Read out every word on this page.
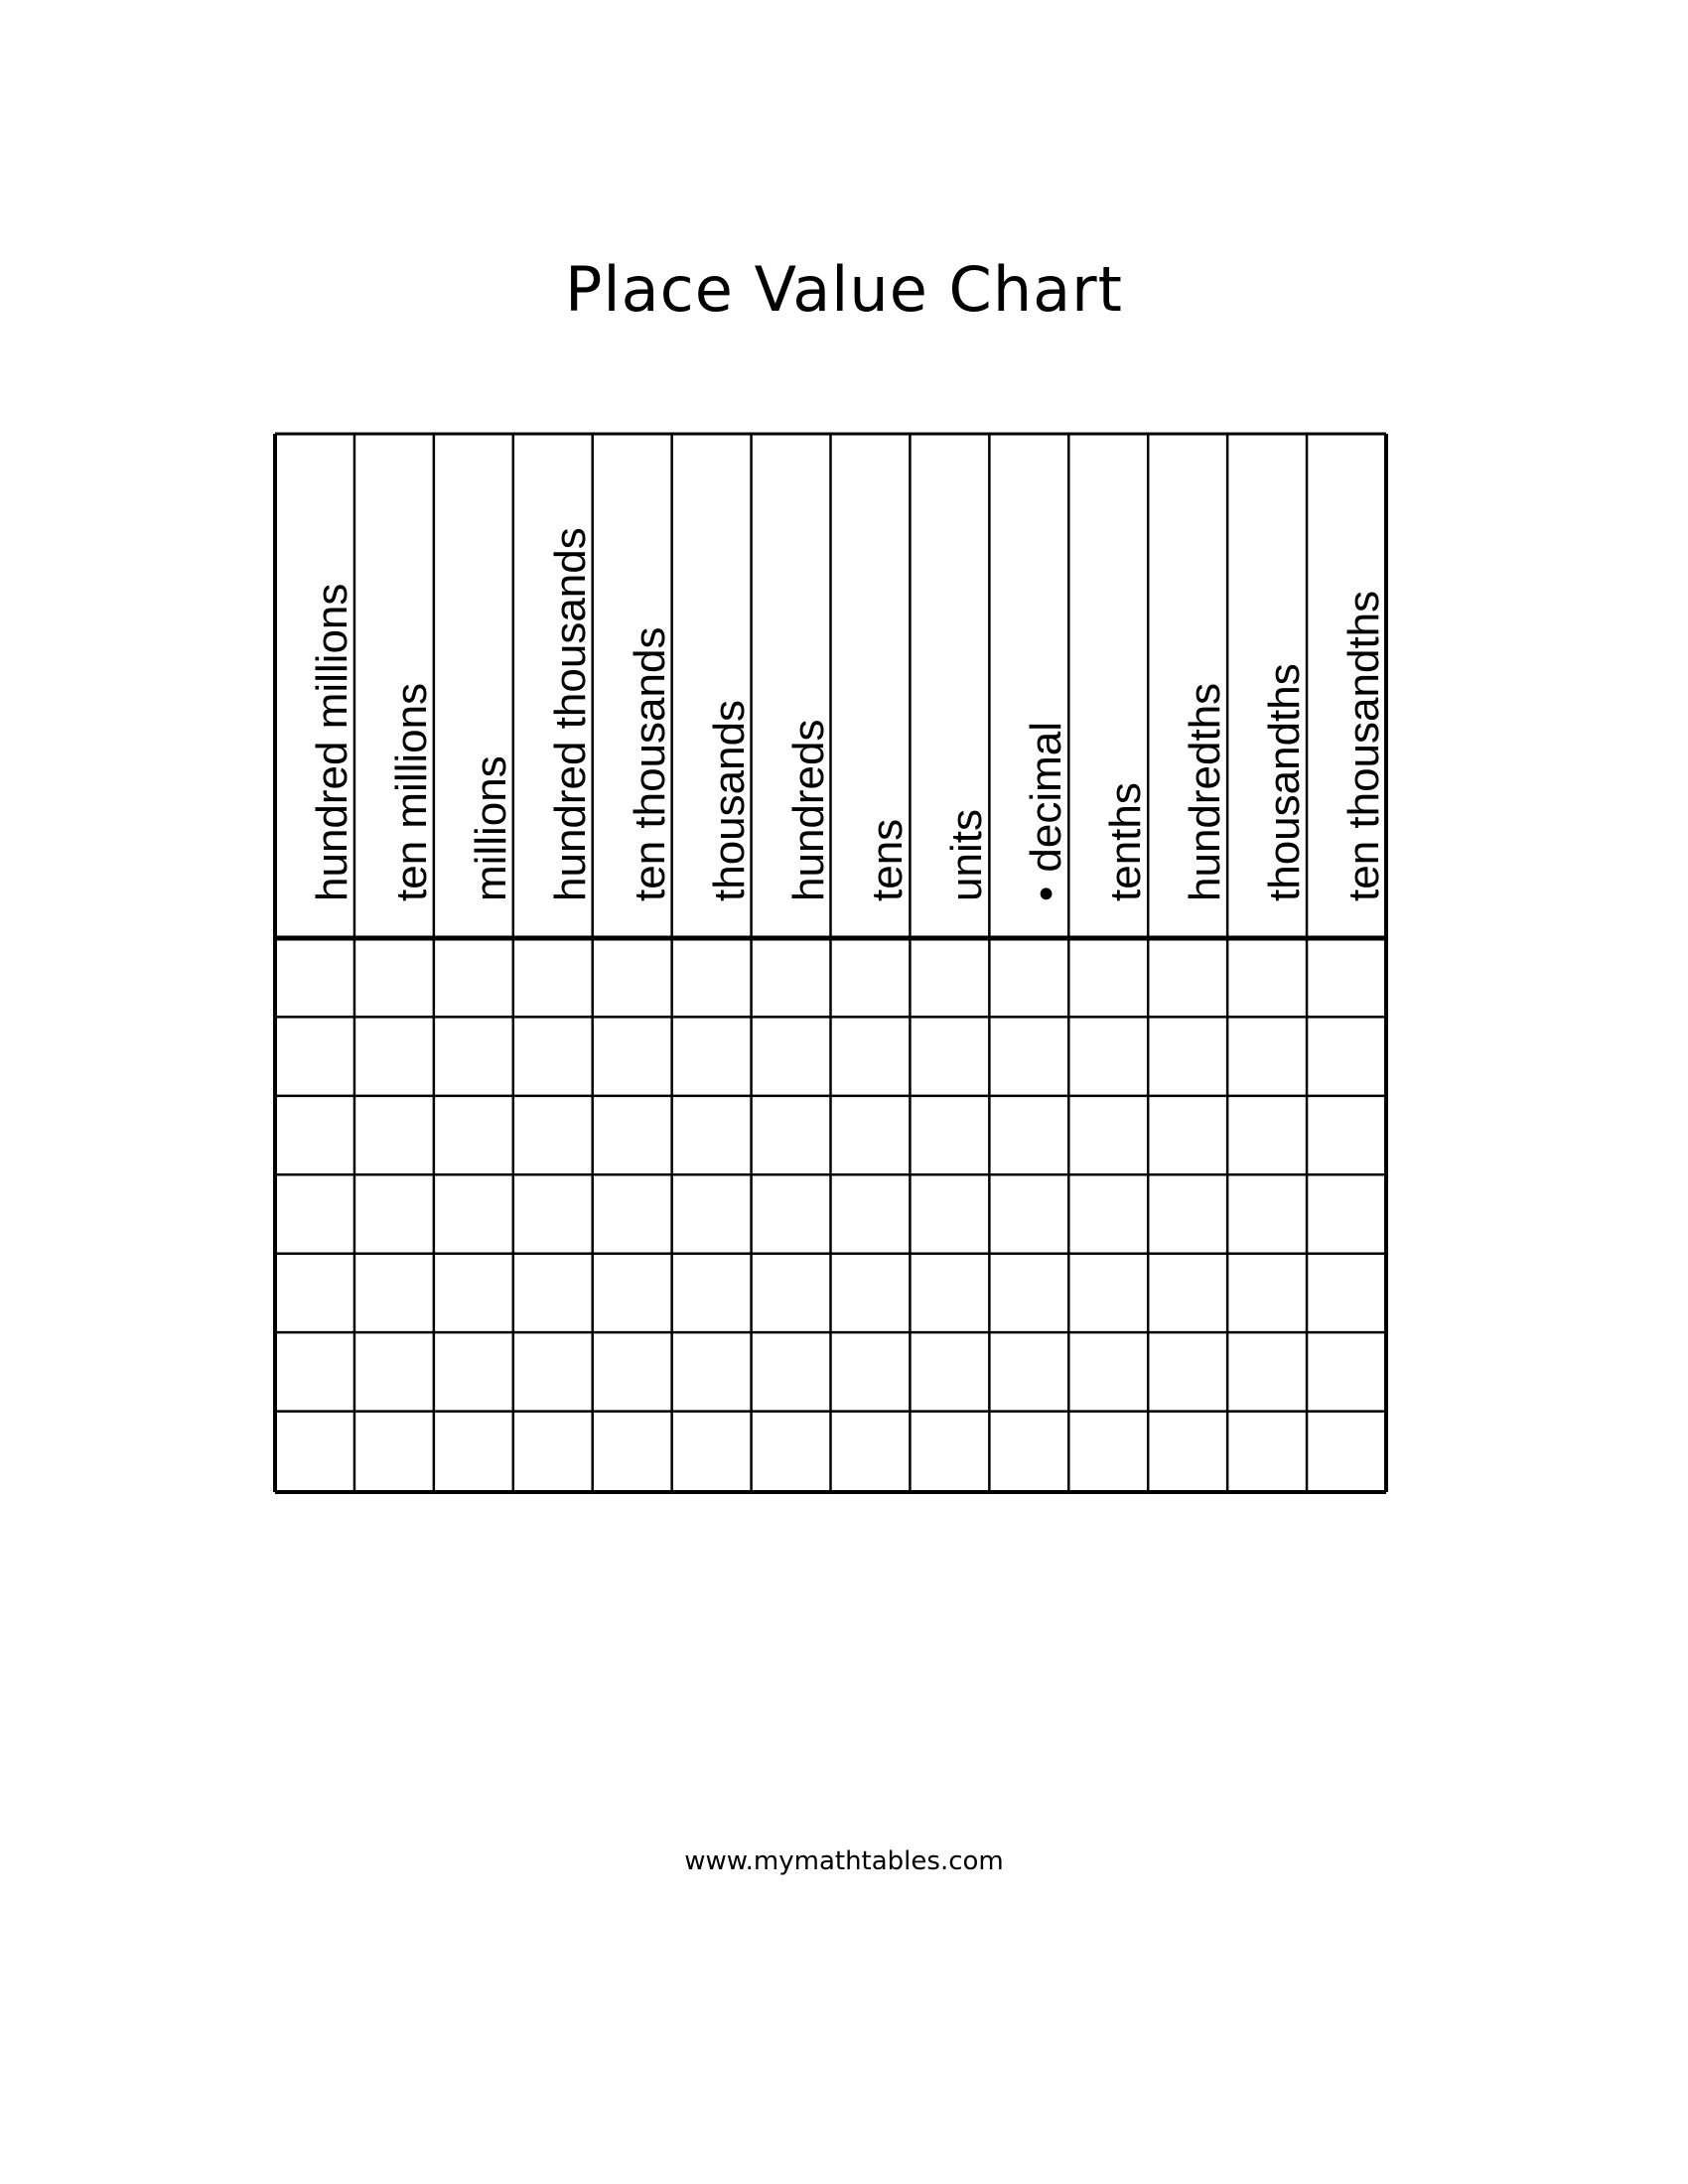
Place Value Chart
hundred millions ten millions millions hundred thousands ten thousands thousands hundreds tens units •decimal tenths hundredths thousandths ten thousandths
www.mymathtables.com
